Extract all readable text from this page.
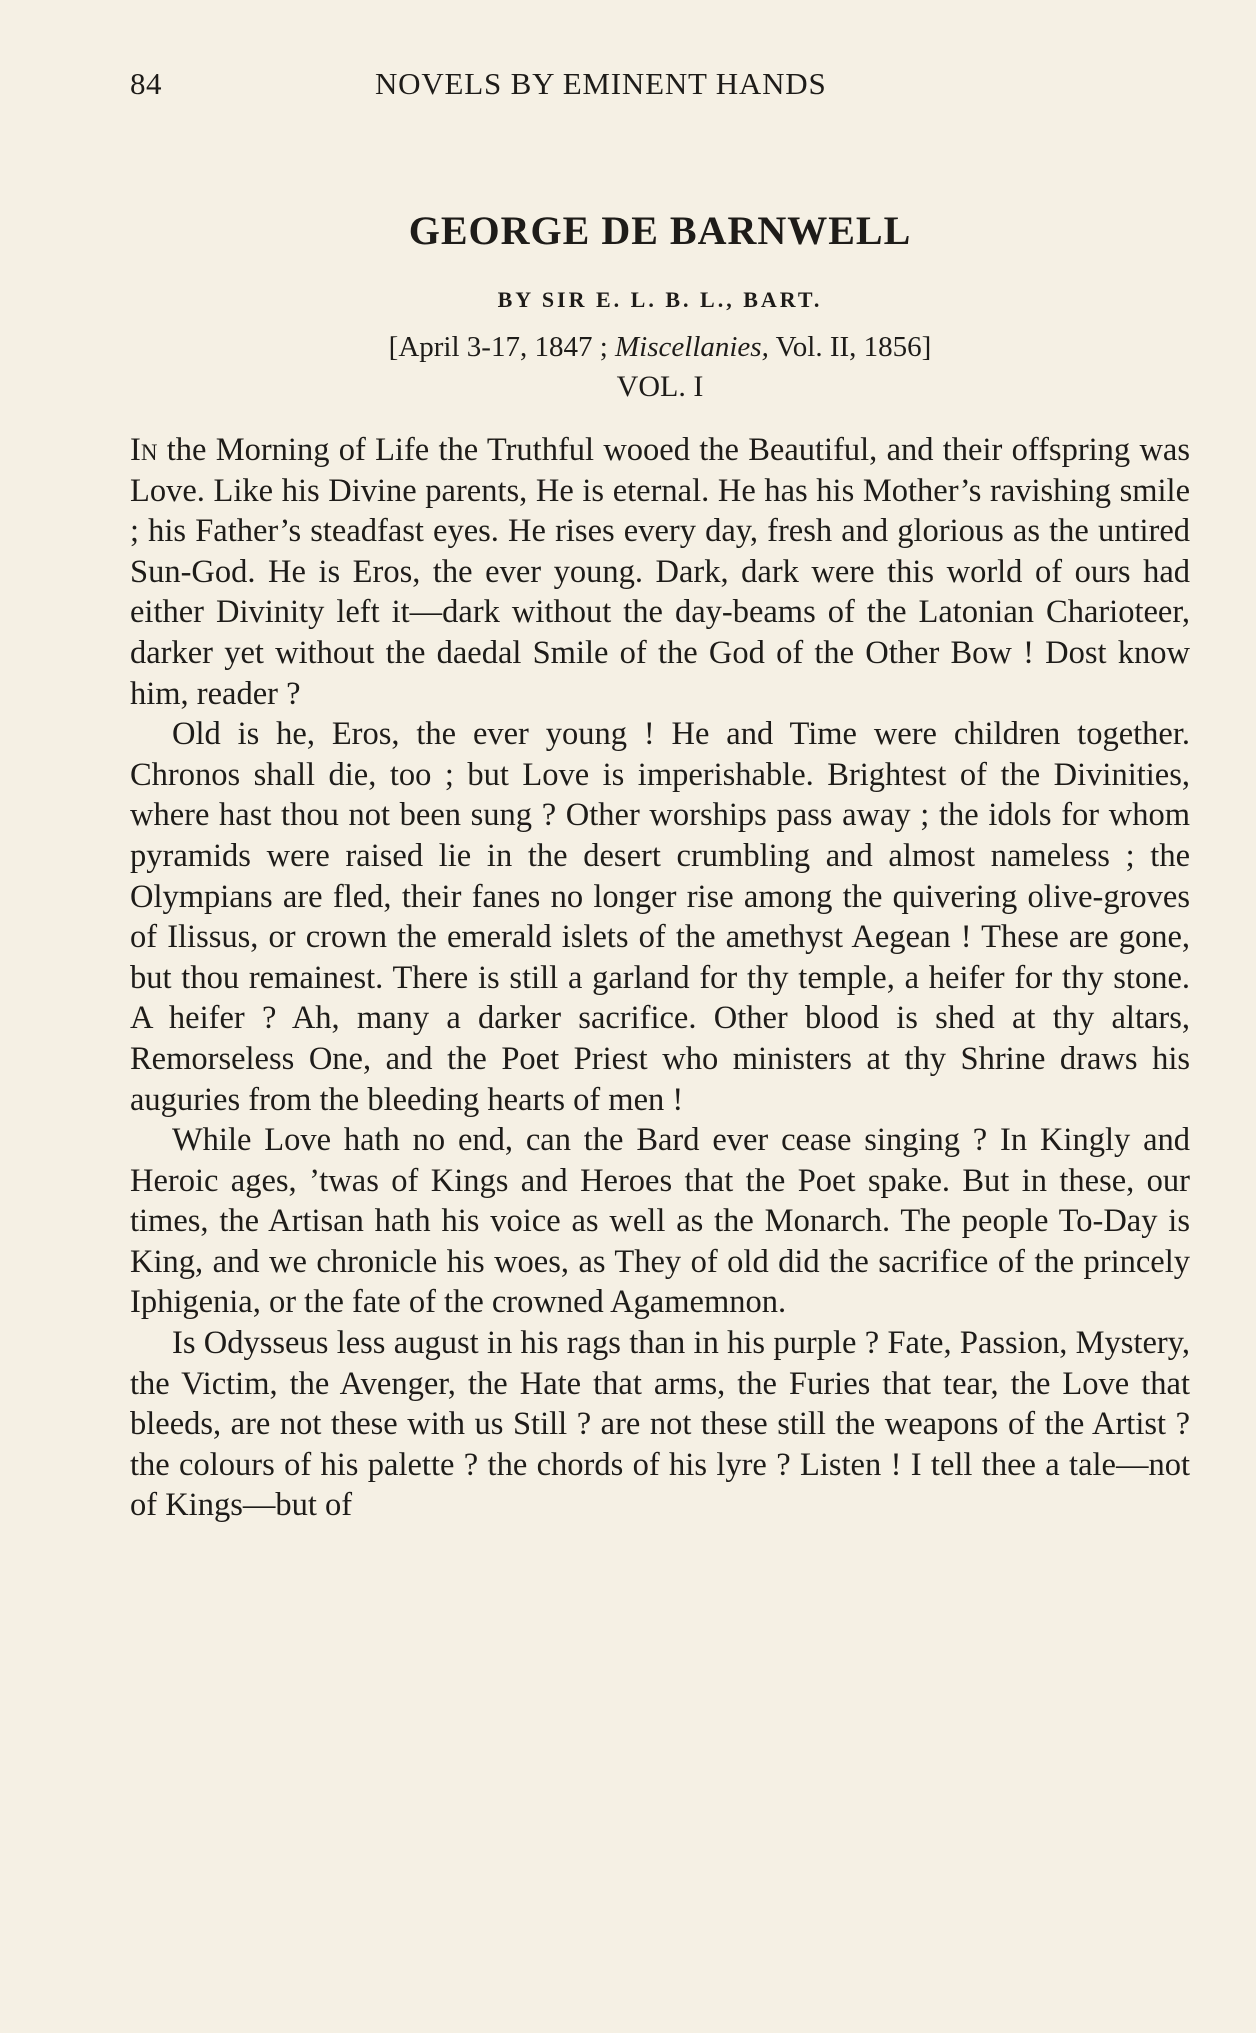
84	NOVELS BY EMINENT HANDS
GEORGE DE BARNWELL
BY SIR E. L. B. L., BART.
[April 3-17, 1847 ; Miscellanies, Vol. II, 1856]
VOL. I

In the Morning of Life the Truthful wooed the Beautiful, and their offspring was Love. Like his Divine parents, He is eternal. He has his Mother’s ravishing smile ; his Father’s steadfast eyes. He rises every day, fresh and glorious as the untired Sun-God. He is Eros, the ever young. Dark, dark were this world of ours had either Divinity left it—dark without the day-beams of the Latonian Charioteer, darker yet without the daedal Smile of the God of the Other Bow ! Dost know him, reader ?

Old is he, Eros, the ever young ! He and Time were children together. Chronos shall die, too ; but Love is imperishable. Brightest of the Divinities, where hast thou not been sung ? Other worships pass away ; the idols for whom pyramids were raised lie in the desert crumbling and almost nameless ; the Olympians are fled, their fanes no longer rise among the quivering olive-groves of Ilissus, or crown the emerald islets of the amethyst Aegean ! These are gone, but thou remainest. There is still a garland for thy temple, a heifer for thy stone. A heifer ? Ah, many a darker sacrifice. Other blood is shed at thy altars, Remorseless One, and the Poet Priest who ministers at thy Shrine draws his auguries from the bleeding hearts of men !

While Love hath no end, can the Bard ever cease singing ? In Kingly and Heroic ages, ’twas of Kings and Heroes that the Poet spake. But in these, our times, the Artisan hath his voice as well as the Monarch. The people To-Day is King, and we chronicle his woes, as They of old did the sacrifice of the princely Iphigenia, or the fate of the crowned Agamemnon.

Is Odysseus less august in his rags than in his purple ? Fate, Passion, Mystery, the Victim, the Avenger, the Hate that arms, the Furies that tear, the Love that bleeds, are not these with us Still ? are not these still the weapons of the Artist ? the colours of his palette ? the chords of his lyre ? Listen ! I tell thee a tale—not of Kings—but of
